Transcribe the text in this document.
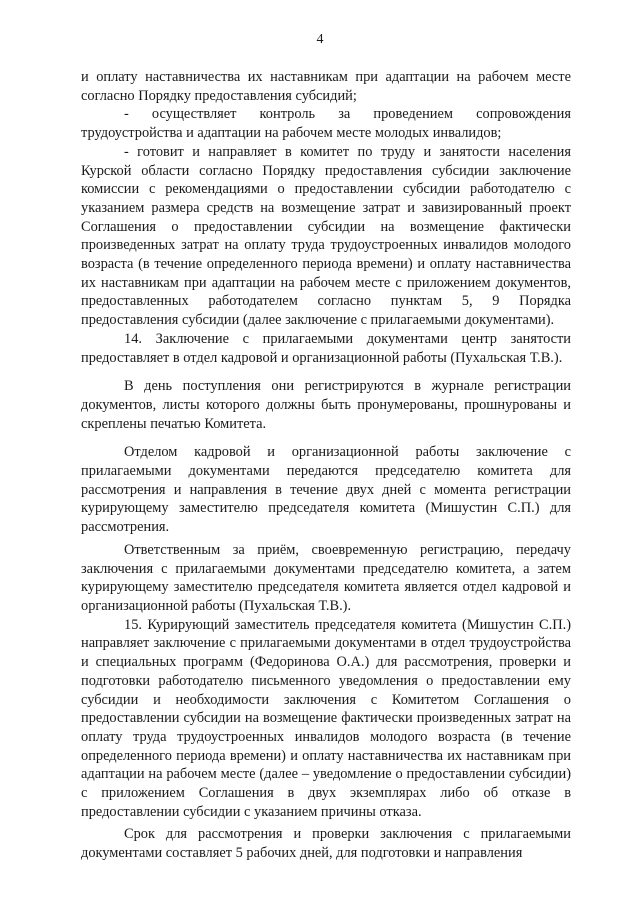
4

и оплату наставничества их наставникам при адаптации на рабочем месте согласно Порядку предоставления субсидий;

- осуществляет контроль за проведением сопровождения трудоустройства и адаптации на рабочем месте молодых инвалидов;

- готовит и направляет в комитет по труду и занятости населения Курской области согласно Порядку предоставления субсидии заключение комиссии с рекомендациями о предоставлении субсидии работодателю с указанием размера средств на возмещение затрат и завизированный проект Соглашения о предоставлении субсидии на возмещение фактически произведенных затрат на оплату труда трудоустроенных инвалидов молодого возраста (в течение определенного периода времени) и оплату наставничества их наставникам при адаптации на рабочем месте с приложением документов, предоставленных работодателем согласно пунктам 5, 9 Порядка предоставления субсидии (далее заключение с прилагаемыми документами).

14. Заключение с прилагаемыми документами центр занятости предоставляет в отдел кадровой и организационной работы (Пухальская Т.В.).

В день поступления они регистрируются в журнале регистрации документов, листы которого должны быть пронумерованы, прошнурованы и скреплены печатью Комитета.

Отделом кадровой и организационной работы заключение с прилагаемыми документами передаются председателю комитета для рассмотрения и направления в течение двух дней с момента регистрации курирующему заместителю председателя комитета (Мишустин С.П.) для рассмотрения.

Ответственным за приём, своевременную регистрацию, передачу заключения с прилагаемыми документами председателю комитета, а затем курирующему заместителю председателя комитета является отдел кадровой и организационной работы (Пухальская Т.В.).

15. Курирующий заместитель председателя комитета (Мишустин С.П.) направляет заключение с прилагаемыми документами в отдел трудоустройства и специальных программ (Федоринова О.А.) для рассмотрения, проверки и подготовки работодателю письменного уведомления о предоставлении ему субсидии и необходимости заключения с Комитетом Соглашения о предоставлении субсидии на возмещение фактически произведенных затрат на оплату труда трудоустроенных инвалидов молодого возраста (в течение определенного периода времени) и оплату наставничества их наставникам при адаптации на рабочем месте (далее – уведомление о предоставлении субсидии) с приложением Соглашения в двух экземплярах либо об отказе в предоставлении субсидии с указанием причины отказа.

Срок для рассмотрения и проверки заключения с прилагаемыми документами составляет 5 рабочих дней, для подготовки и направления
